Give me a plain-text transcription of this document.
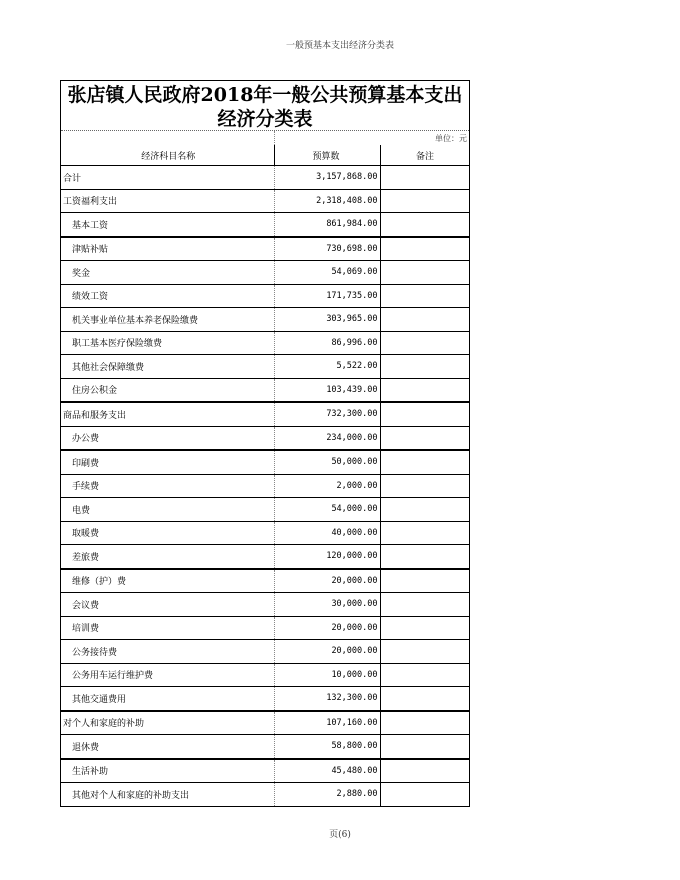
一般预基本支出经济分类表
张店镇人民政府2018年一般公共预算基本支出经济分类表
单位：元
经济科目名称	预算数	备注
合计	3,157,868.00	
工资福利支出	2,318,408.00	
基本工资	861,984.00	
津贴补贴	730,698.00	
奖金	54,069.00	
绩效工资	171,735.00	
机关事业单位基本养老保险缴费	303,965.00	
职工基本医疗保险缴费	86,996.00	
其他社会保障缴费	5,522.00	
住房公积金	103,439.00	
商品和服务支出	732,300.00	
办公费	234,000.00	
印刷费	50,000.00	
手续费	2,000.00	
电费	54,000.00	
取暖费	40,000.00	
差旅费	120,000.00	
维修（护）费	20,000.00	
会议费	30,000.00	
培训费	20,000.00	
公务接待费	20,000.00	
公务用车运行维护费	10,000.00	
其他交通费用	132,300.00	
对个人和家庭的补助	107,160.00	
退休费	58,800.00	
生活补助	45,480.00	
其他对个人和家庭的补助支出	2,880.00	
页(6)
